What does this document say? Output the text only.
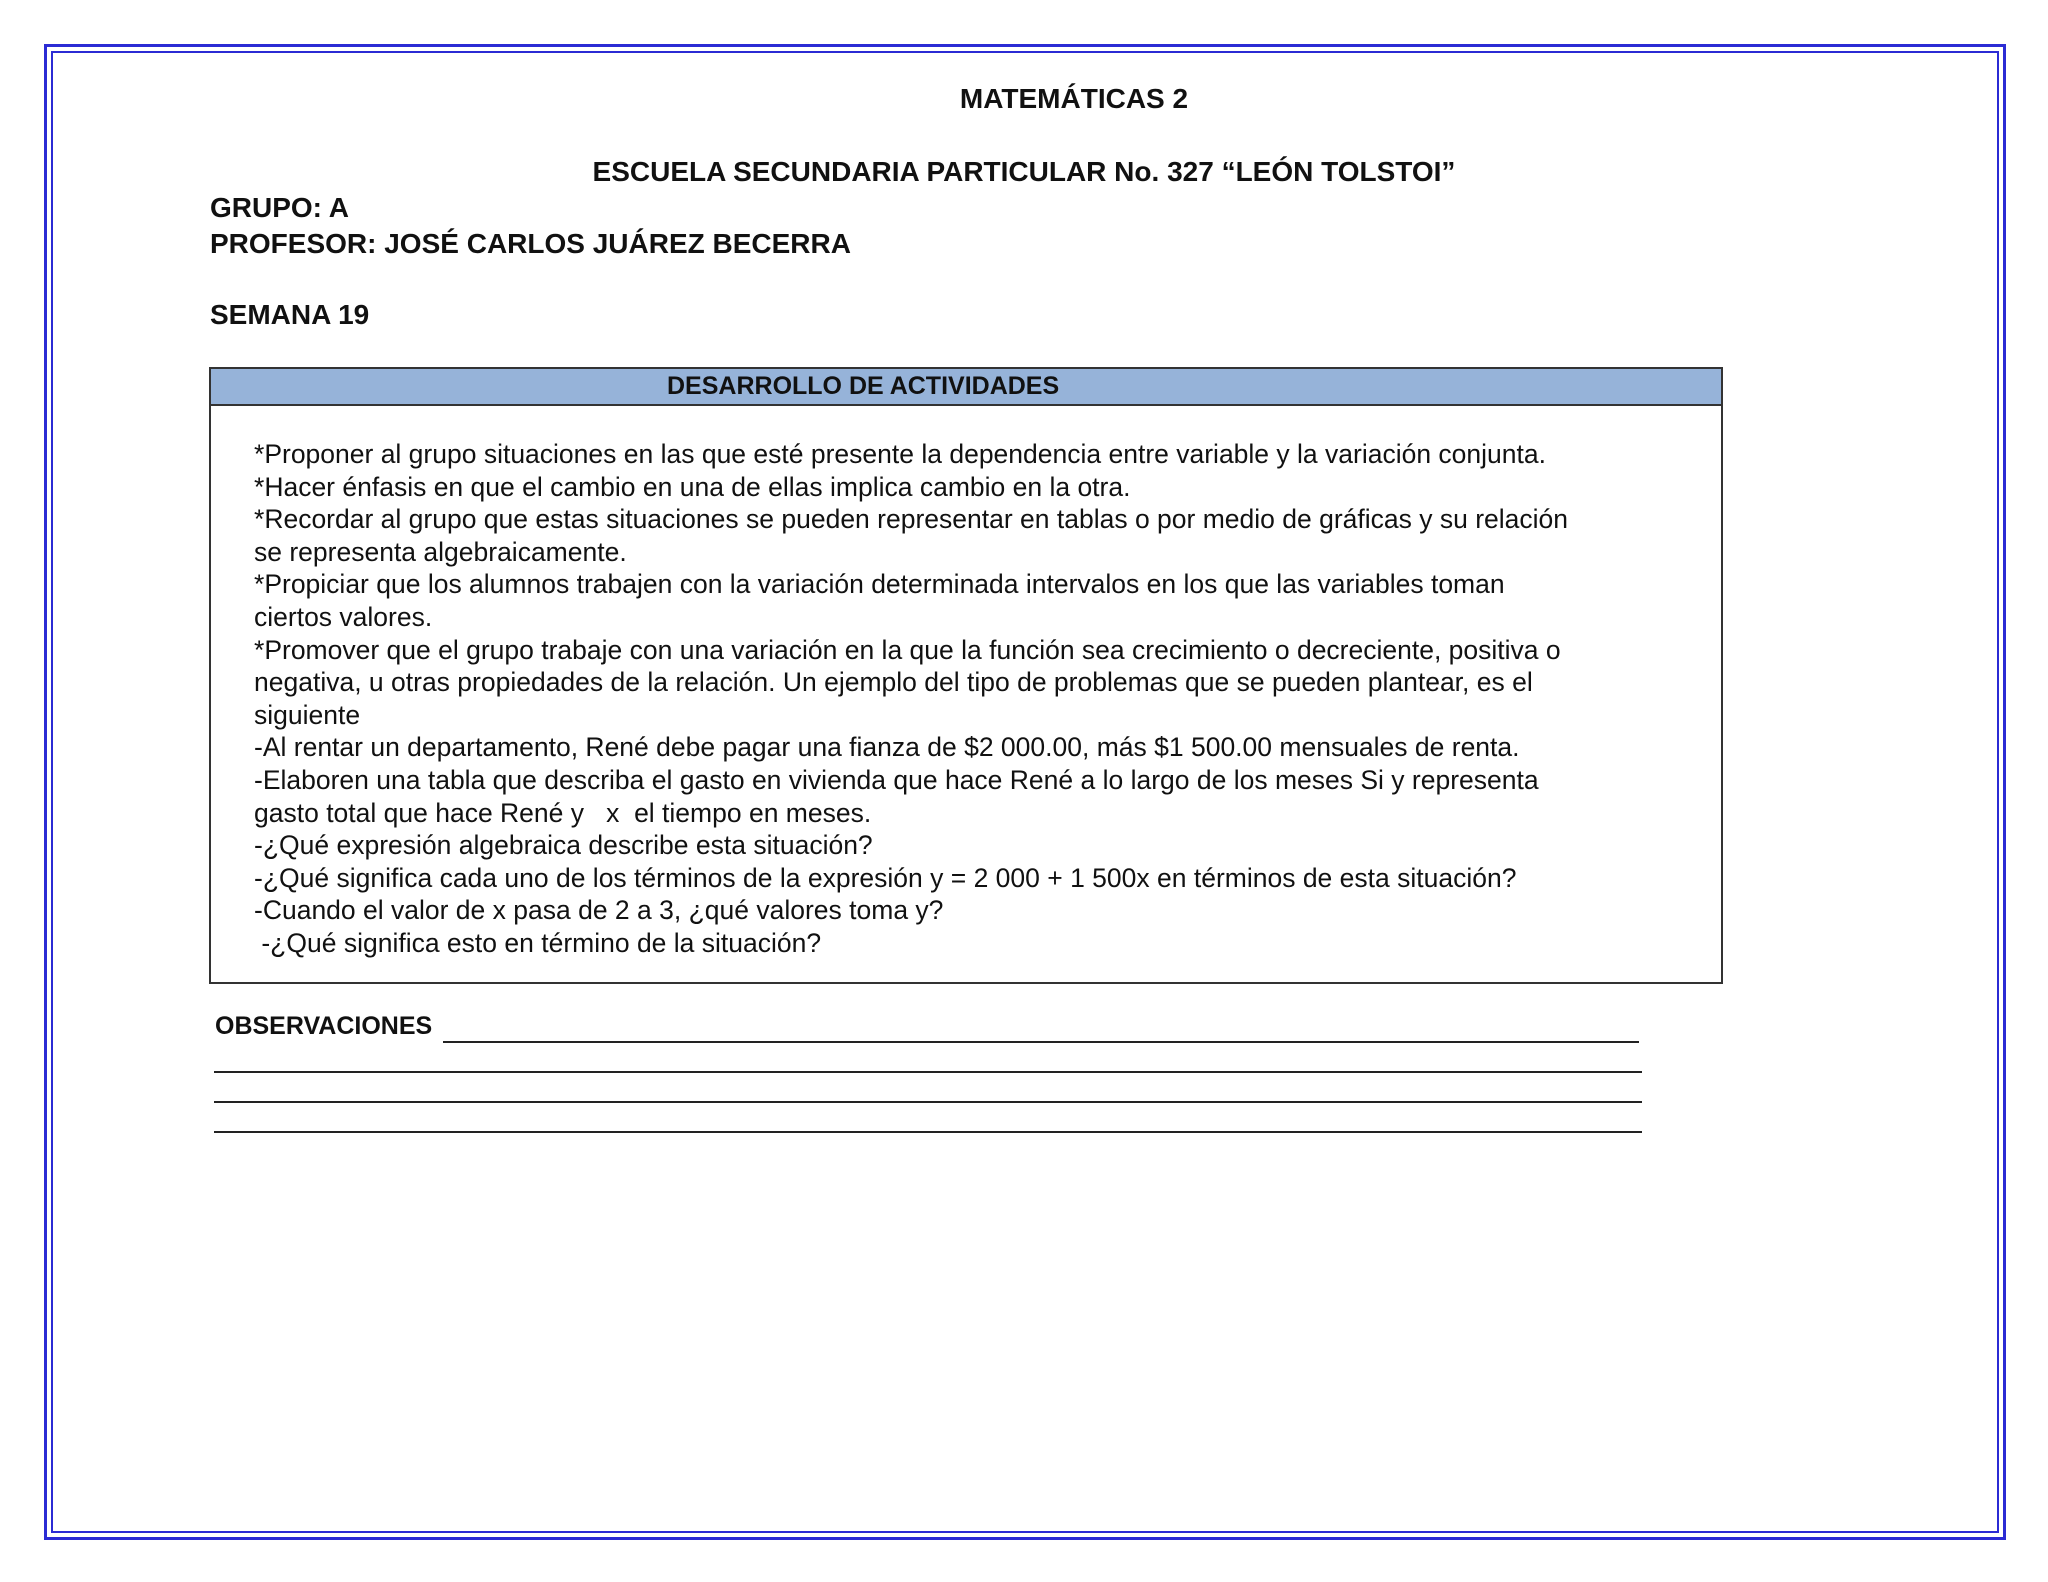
MATEMÁTICAS 2
ESCUELA SECUNDARIA PARTICULAR No. 327 “LEÓN TOLSTOI”
GRUPO: A
PROFESOR: JOSÉ CARLOS JUÁREZ BECERRA
SEMANA 19
DESARROLLO DE ACTIVIDADES
*Proponer al grupo situaciones en las que esté presente la dependencia entre variable y la variación conjunta.
*Hacer énfasis en que el cambio en una de ellas implica cambio en la otra.
*Recordar al grupo que estas situaciones se pueden representar en tablas o por medio de gráficas y su relación
se representa algebraicamente.
*Propiciar que los alumnos trabajen con la variación determinada intervalos en los que las variables toman
ciertos valores.
*Promover que el grupo trabaje con una variación en la que la función sea crecimiento o decreciente, positiva o
negativa, u otras propiedades de la relación. Un ejemplo del tipo de problemas que se pueden plantear, es el
siguiente
-Al rentar un departamento, René debe pagar una fianza de $2 000.00, más $1 500.00 mensuales de renta.
-Elaboren una tabla que describa el gasto en vivienda que hace René a lo largo de los meses Si y representa
gasto total que hace René y   x  el tiempo en meses.
-¿Qué expresión algebraica describe esta situación?
-¿Qué significa cada uno de los términos de la expresión y = 2 000 + 1 500x en términos de esta situación?
-Cuando el valor de x pasa de 2 a 3, ¿qué valores toma y?
-¿Qué significa esto en término de la situación?
OBSERVACIONES
